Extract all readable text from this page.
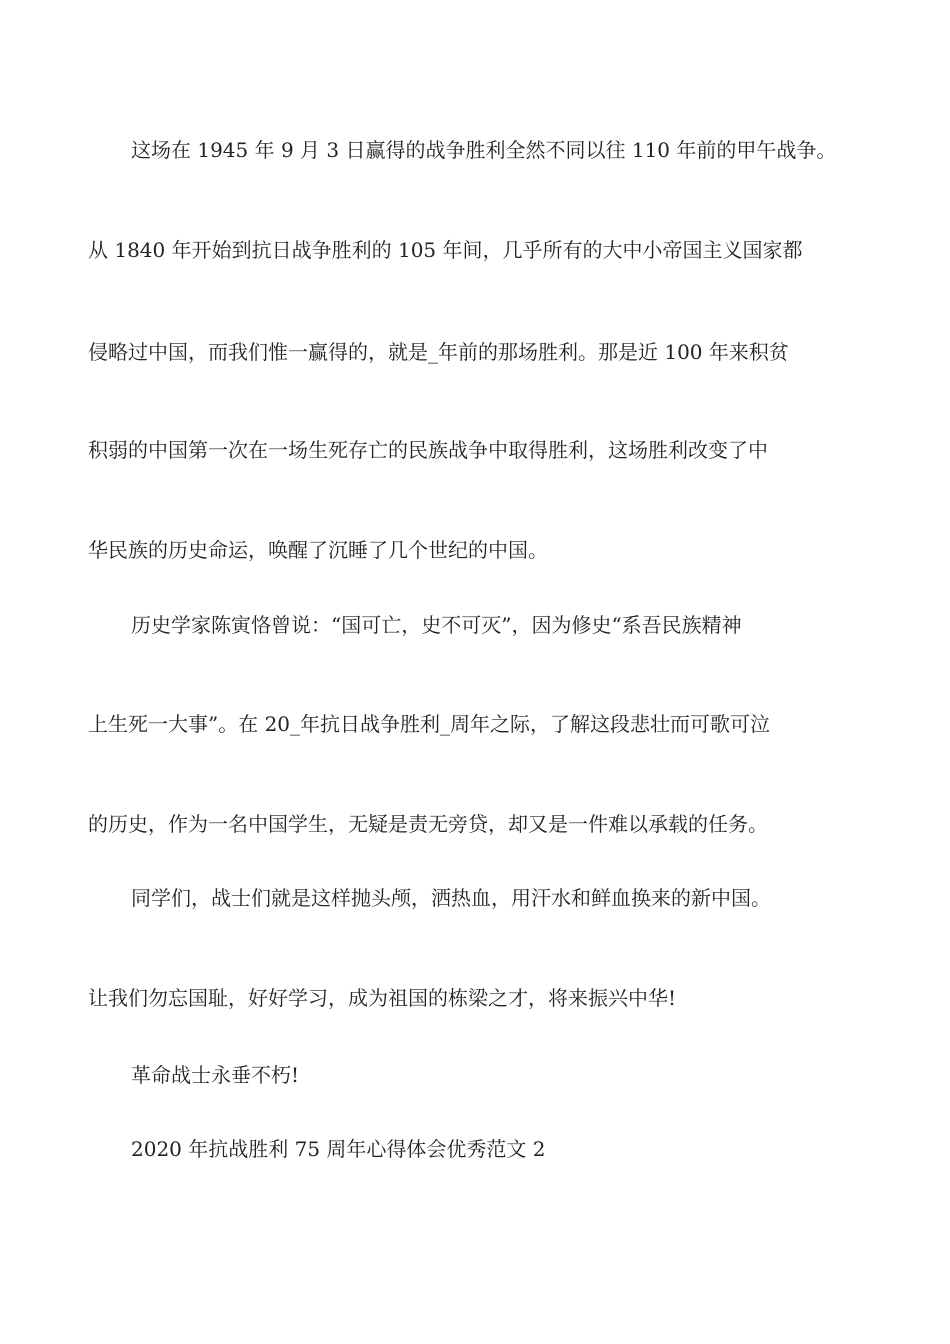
这场在 1945 年 9 月 3 日赢得的战争胜利全然不同以往 110 年前的甲午战争。
从 1840 年开始到抗日战争胜利的 105 年间，几乎所有的大中小帝国主义国家都
侵略过中国，而我们惟一赢得的，就是_年前的那场胜利。那是近 100 年来积贫
积弱的中国第一次在一场生死存亡的民族战争中取得胜利，这场胜利改变了中
华民族的历史命运，唤醒了沉睡了几个世纪的中国。
历史学家陈寅恪曾说：“国可亡，史不可灭”，因为修史“系吾民族精神
上生死一大事”。在 20_年抗日战争胜利_周年之际，了解这段悲壮而可歌可泣
的历史，作为一名中国学生，无疑是责无旁贷，却又是一件难以承载的任务。
同学们，战士们就是这样抛头颅，洒热血，用汗水和鲜血换来的新中国。
让我们勿忘国耻，好好学习，成为祖国的栋梁之才，将来振兴中华!
革命战士永垂不朽!
2020 年抗战胜利 75 周年心得体会优秀范文 2
